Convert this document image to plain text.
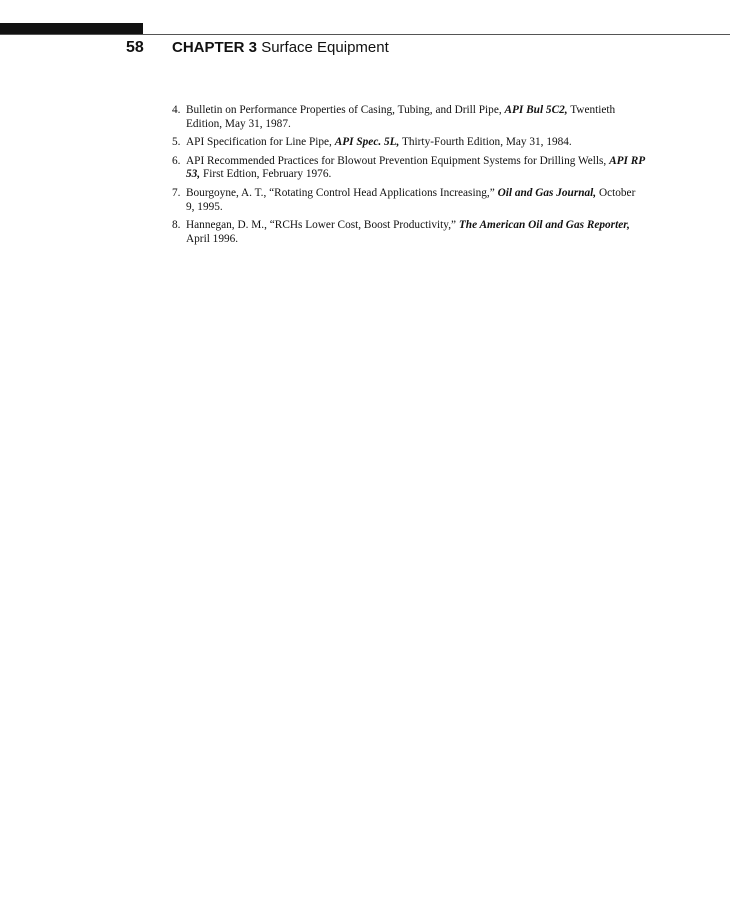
58 CHAPTER 3 Surface Equipment
4. Bulletin on Performance Properties of Casing, Tubing, and Drill Pipe, API Bul 5C2, Twentieth Edition, May 31, 1987.
5. API Specification for Line Pipe, API Spec. 5L, Thirty-Fourth Edition, May 31, 1984.
6. API Recommended Practices for Blowout Prevention Equipment Systems for Drilling Wells, API RP 53, First Edtion, February 1976.
7. Bourgoyne, A. T., “Rotating Control Head Applications Increasing,” Oil and Gas Journal, October 9, 1995.
8. Hannegan, D. M., “RCHs Lower Cost, Boost Productivity,” The American Oil and Gas Reporter, April 1996.
